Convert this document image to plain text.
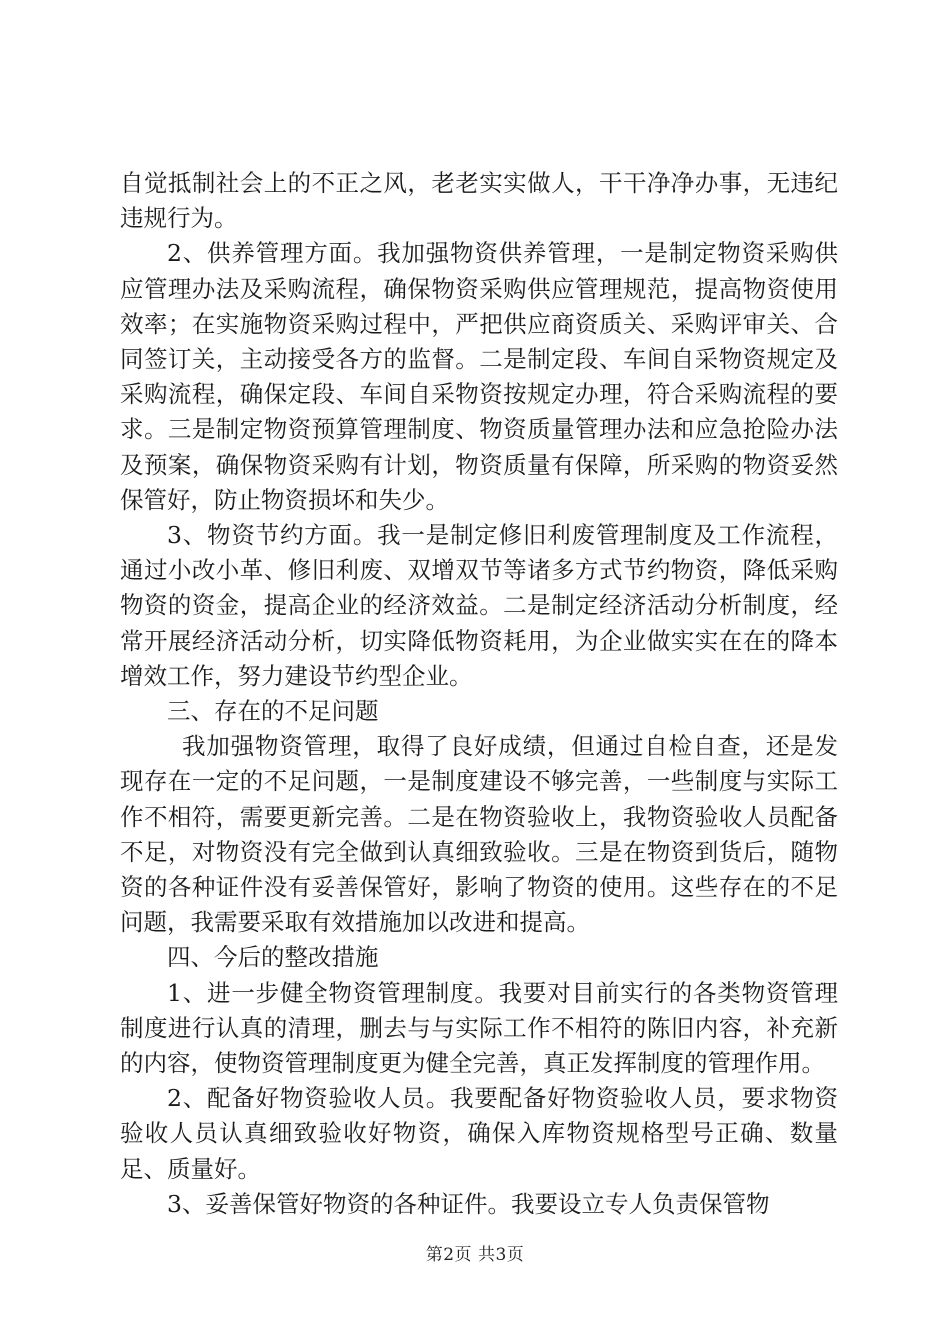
自觉抵制社会上的不正之风，老老实实做人，干干净净办事，无违纪违规行为。

2、供养管理方面。我加强物资供养管理，一是制定物资采购供应管理办法及采购流程，确保物资采购供应管理规范，提高物资使用效率；在实施物资采购过程中，严把供应商资质关、采购评审关、合同签订关，主动接受各方的监督。二是制定段、车间自采物资规定及采购流程，确保定段、车间自采物资按规定办理，符合采购流程的要求。三是制定物资预算管理制度、物资质量管理办法和应急抢险办法及预案，确保物资采购有计划，物资质量有保障，所采购的物资妥然保管好，防止物资损坏和失少。

3、物资节约方面。我一是制定修旧利废管理制度及工作流程，通过小改小革、修旧利废、双增双节等诸多方式节约物资，降低采购物资的资金，提高企业的经济效益。二是制定经济活动分析制度，经常开展经济活动分析，切实降低物资耗用，为企业做实实在在的降本增效工作，努力建设节约型企业。

三、存在的不足问题

我加强物资管理，取得了良好成绩，但通过自检自查，还是发现存在一定的不足问题，一是制度建设不够完善，一些制度与实际工作不相符，需要更新完善。二是在物资验收上，我物资验收人员配备不足，对物资没有完全做到认真细致验收。三是在物资到货后，随物资的各种证件没有妥善保管好，影响了物资的使用。这些存在的不足问题，我需要采取有效措施加以改进和提高。

四、今后的整改措施

1、进一步健全物资管理制度。我要对目前实行的各类物资管理制度进行认真的清理，删去与与实际工作不相符的陈旧内容，补充新的内容，使物资管理制度更为健全完善，真正发挥制度的管理作用。

2、配备好物资验收人员。我要配备好物资验收人员，要求物资验收人员认真细致验收好物资，确保入库物资规格型号正确、数量足、质量好。

3、妥善保管好物资的各种证件。我要设立专人负责保管物

第2页 共3页
